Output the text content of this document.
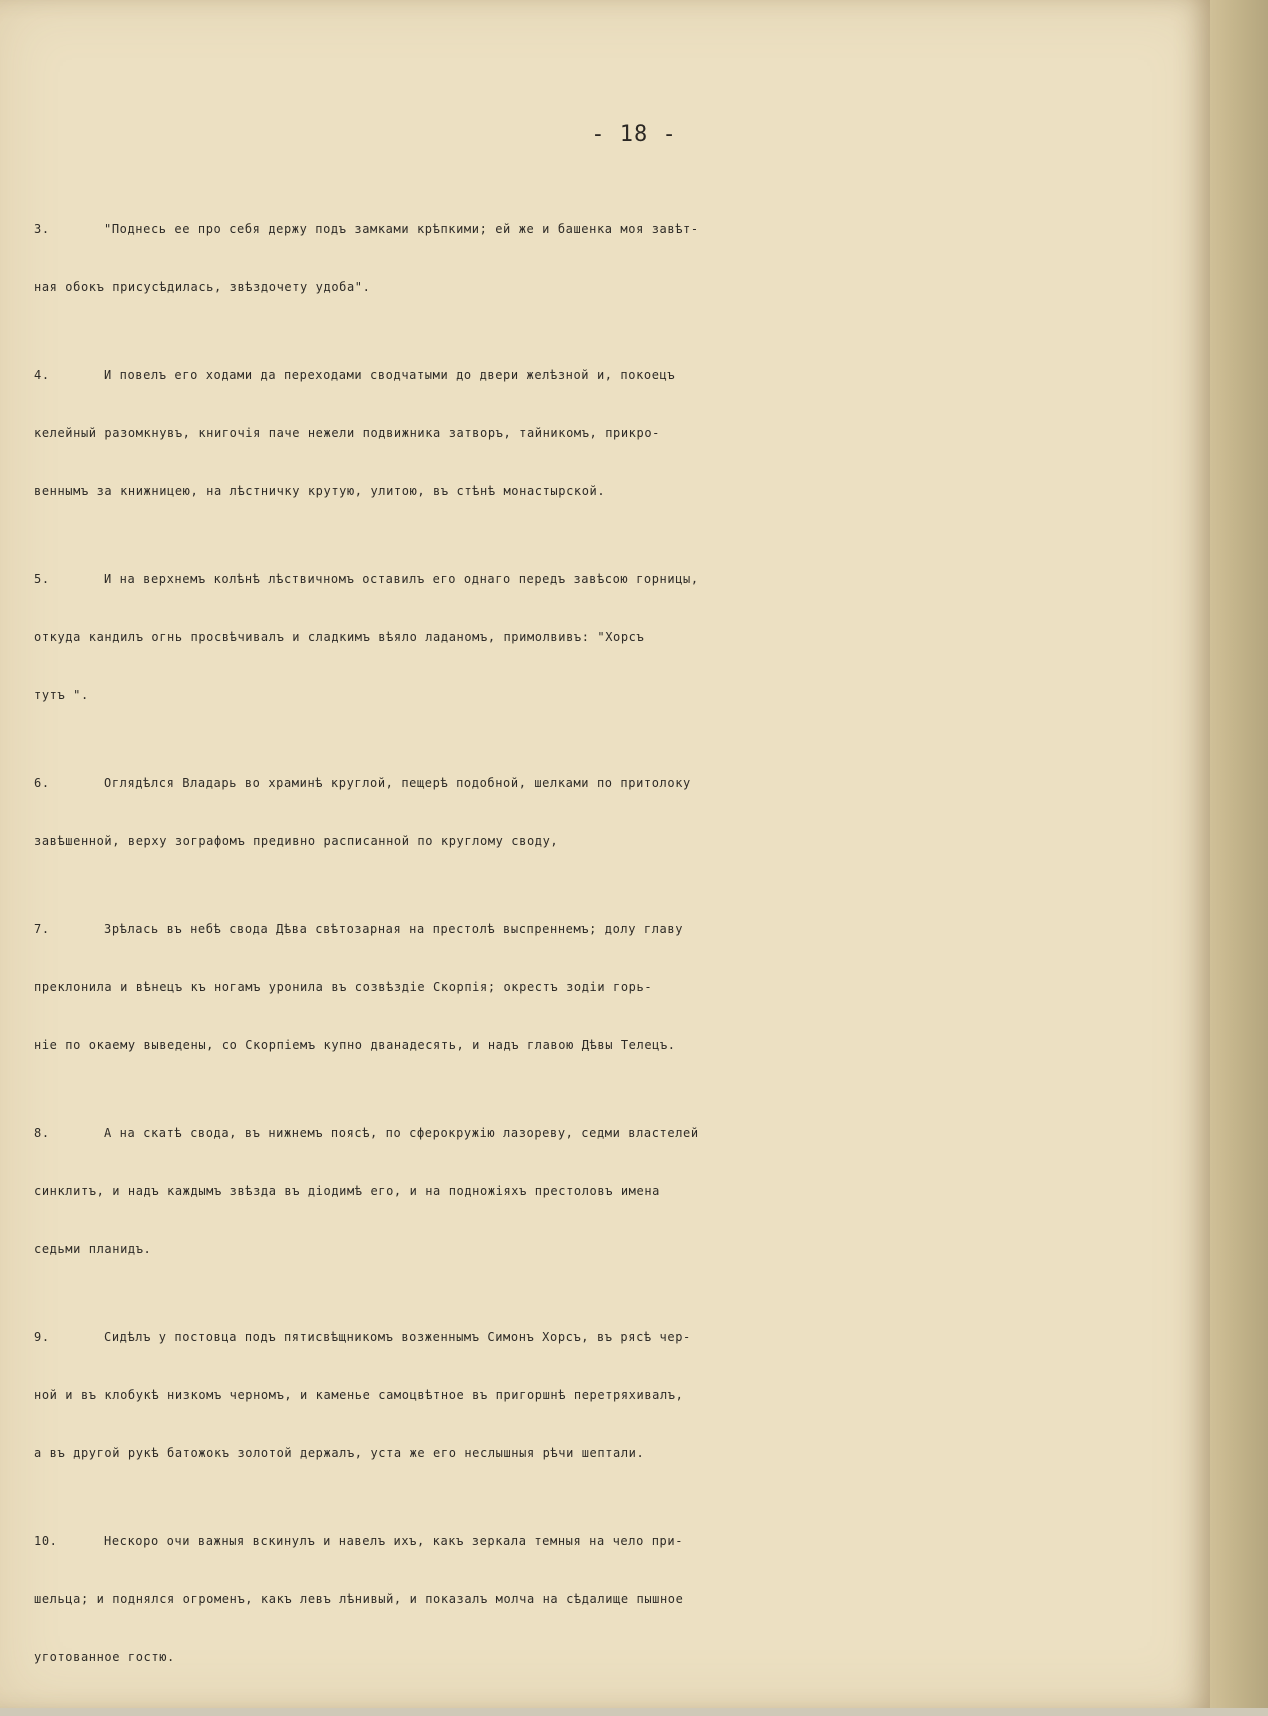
- 18 -
3.	"Поднесь ее про себя держу подъ замками крѣпкими; ей же и башенка моя завѣт-
ная обокъ присусѣдилась, звѣздочету удоба".
4.	И повелъ его ходами да переходами сводчатыми до двери желѣзной и, покоецъ
келейный разомкнувъ, книгочія паче нежели подвижника затворъ, тайникомъ, прикро-
веннымъ за книжницею, на лѣстничку крутую, улитою, въ стѣнѣ монастырской.
5.	И на верхнемъ колѣнѣ лѣствичномъ оставилъ его однаго передъ завѣсою горницы,
откуда кандилъ огнь просвѣчивалъ и сладкимъ вѣяло ладаномъ, примолвивъ: "Хорсъ
тутъ ".
6.	Оглядѣлся Владарь во храминѣ круглой, пещерѣ подобной, шелками по притолоку
завѣшенной, верху зографомъ предивно расписанной по круглому своду,
7.	Зрѣлась въ небѣ свода Дѣва свѣтозарная на престолѣ выспреннемъ; долу главу
преклонила и вѣнецъ къ ногамъ уронила въ созвѣздіе Скорпія; окрестъ зодіи горь-
ніе по окаему выведены, со Скорпіемъ купно дванадесять, и надъ главою Дѣвы Телецъ.
8.	А на скатѣ свода, въ нижнемъ поясѣ, по сферокружію лазореву, седми властелей
синклитъ, и надъ каждымъ звѣзда въ діодимѣ его, и на подножіяхъ престоловъ имена
седьми планидъ.
9.	Сидѣлъ у постовца подъ пятисвѣщникомъ возженнымъ Симонъ Хорсъ, въ рясѣ чер-
ной и въ клобукѣ низкомъ черномъ, и каменье самоцвѣтное въ пригоршнѣ перетряхивалъ,
а въ другой рукѣ батожокъ золотой держалъ, уста же его неслышныя рѣчи шептали.
10.	Нескоро очи важныя вскинулъ и навелъ ихъ, какъ зеркала темныя на чело при-
шельца; и поднялся огроменъ, какъ левъ лѣнивый, и показалъ молча на сѣдалище пышное
уготованное гостю.
